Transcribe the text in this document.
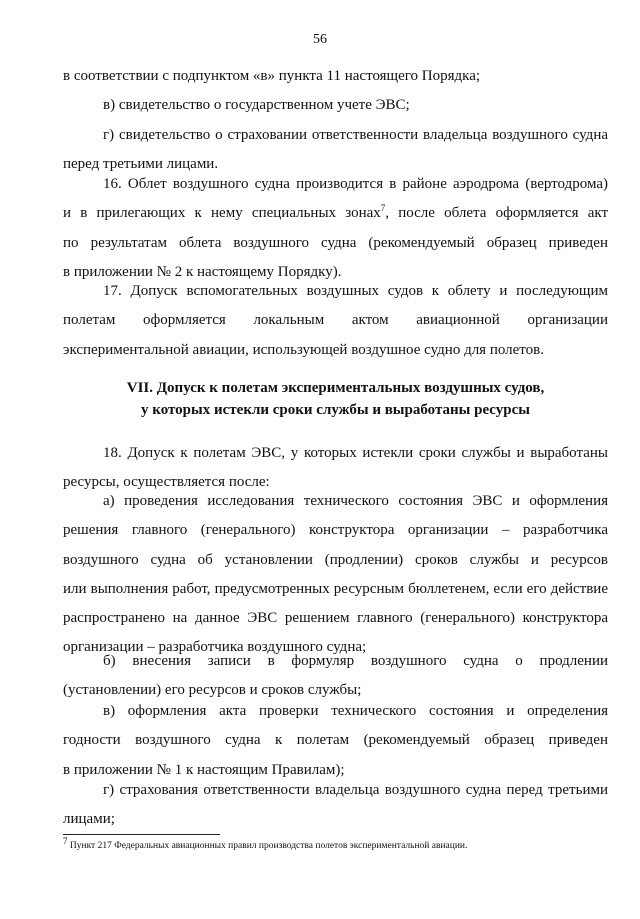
56
в соответствии с подпунктом «в» пункта 11 настоящего Порядка;
в) свидетельство о государственном учете ЭВС;
г) свидетельство о страховании ответственности владельца воздушного судна
перед третьими лицами.
16. Облет воздушного судна производится в районе аэродрома (вертодрома)
и в прилегающих к нему специальных зонах$^7$, после облета оформляется акт
по результатам облета воздушного судна (рекомендуемый образец приведен
в приложении № 2 к настоящему Порядку).
17. Допуск вспомогательных воздушных судов к облету и последующим
полетам оформляется локальным актом авиационной организации
экспериментальной авиации, использующей воздушное судно для полетов.
VII. Допуск к полетам экспериментальных воздушных судов,
у которых истекли сроки службы и выработаны ресурсы
18. Допуск к полетам ЭВС, у которых истекли сроки службы и выработаны
ресурсы, осуществляется после:
а) проведения исследования технического состояния ЭВС и оформления
решения главного (генерального) конструктора организации – разработчика
воздушного судна об установлении (продлении) сроков службы и ресурсов
или выполнения работ, предусмотренных ресурсным бюллетенем, если его действие
распространено на данное ЭВС решением главного (генерального) конструктора
организации – разработчика воздушного судна;
б) внесения записи в формуляр воздушного судна о продлении
(установлении) его ресурсов и сроков службы;
в) оформления акта проверки технического состояния и определения
годности воздушного судна к полетам (рекомендуемый образец приведен
в приложении № 1 к настоящим Правилам);
г) страхования ответственности владельца воздушного судна перед третьими
лицами;
$^7$ Пункт 217 Федеральных авиационных правил производства полетов экспериментальной авиации.
